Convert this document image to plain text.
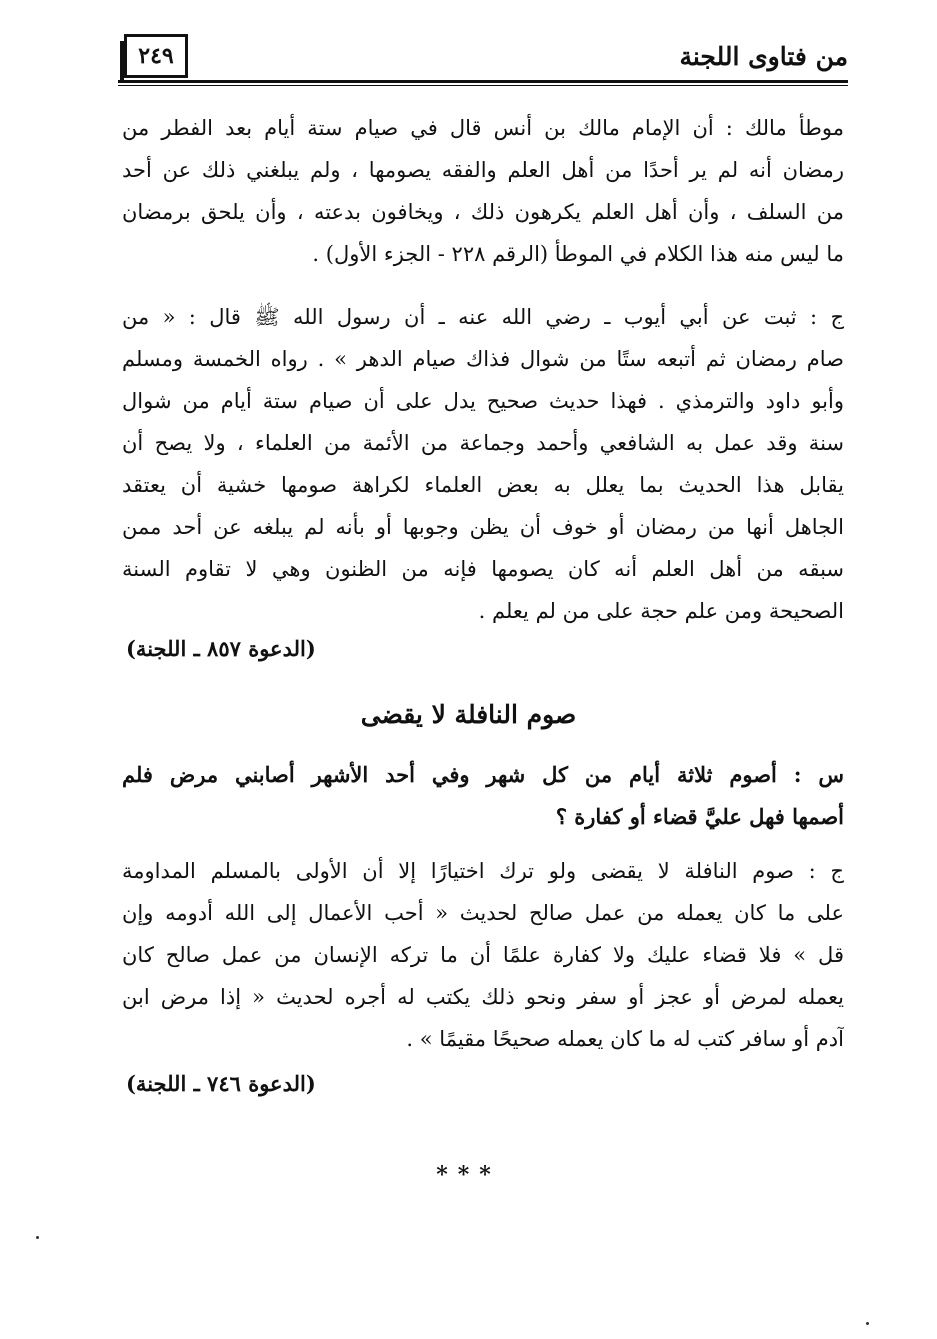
من فتاوى اللجنة
٢٤٩
موطأ مالك : أن الإمام مالك بن أنس قال في صيام ستة أيام بعد الفطر من
رمضان أنه لم ير أحدًا من أهل العلم والفقه يصومها ، ولم يبلغني ذلك عن أحد
من السلف ، وأن أهل العلم يكرهون ذلك ، ويخافون بدعته ، وأن يلحق برمضان
ما ليس منه هذا الكلام في الموطأ (الرقم ٢٢٨ - الجزء الأول) .
ج : ثبت عن أبي أيوب ـ رضي الله عنه ـ أن رسول الله ﷺ قال : « من
صام رمضان ثم أتبعه ستًا من شوال فذاك صيام الدهر » . رواه الخمسة ومسلم
وأبو داود والترمذي . فهذا حديث صحيح يدل على أن صيام ستة أيام من شوال
سنة وقد عمل به الشافعي وأحمد وجماعة من الأئمة من العلماء ، ولا يصح أن
يقابل هذا الحديث بما يعلل به بعض العلماء لكراهة صومها خشية أن يعتقد
الجاهل أنها من رمضان أو خوف أن يظن وجوبها أو بأنه لم يبلغه عن أحد ممن
سبقه من أهل العلم أنه كان يصومها فإنه من الظنون وهي لا تقاوم السنة
الصحيحة ومن علم حجة على من لم يعلم .
(الدعوة ٨٥٧ ـ اللجنة)
صوم النافلة لا يقضى
س : أصوم ثلاثة أيام من كل شهر وفي أحد الأشهر أصابني مرض فلم
أصمها فهل عليَّ قضاء أو كفارة ؟
ج : صوم النافلة لا يقضى ولو ترك اختيارًا إلا أن الأولى بالمسلم المداومة
على ما كان يعمله من عمل صالح لحديث « أحب الأعمال إلى الله أدومه وإن
قل » فلا قضاء عليك ولا كفارة علمًا أن ما تركه الإنسان من عمل صالح كان
يعمله لمرض أو عجز أو سفر ونحو ذلك يكتب له أجره لحديث « إذا مرض ابن
آدم أو سافر كتب له ما كان يعمله صحيحًا مقيمًا » .
(الدعوة ٧٤٦ ـ اللجنة)
***
